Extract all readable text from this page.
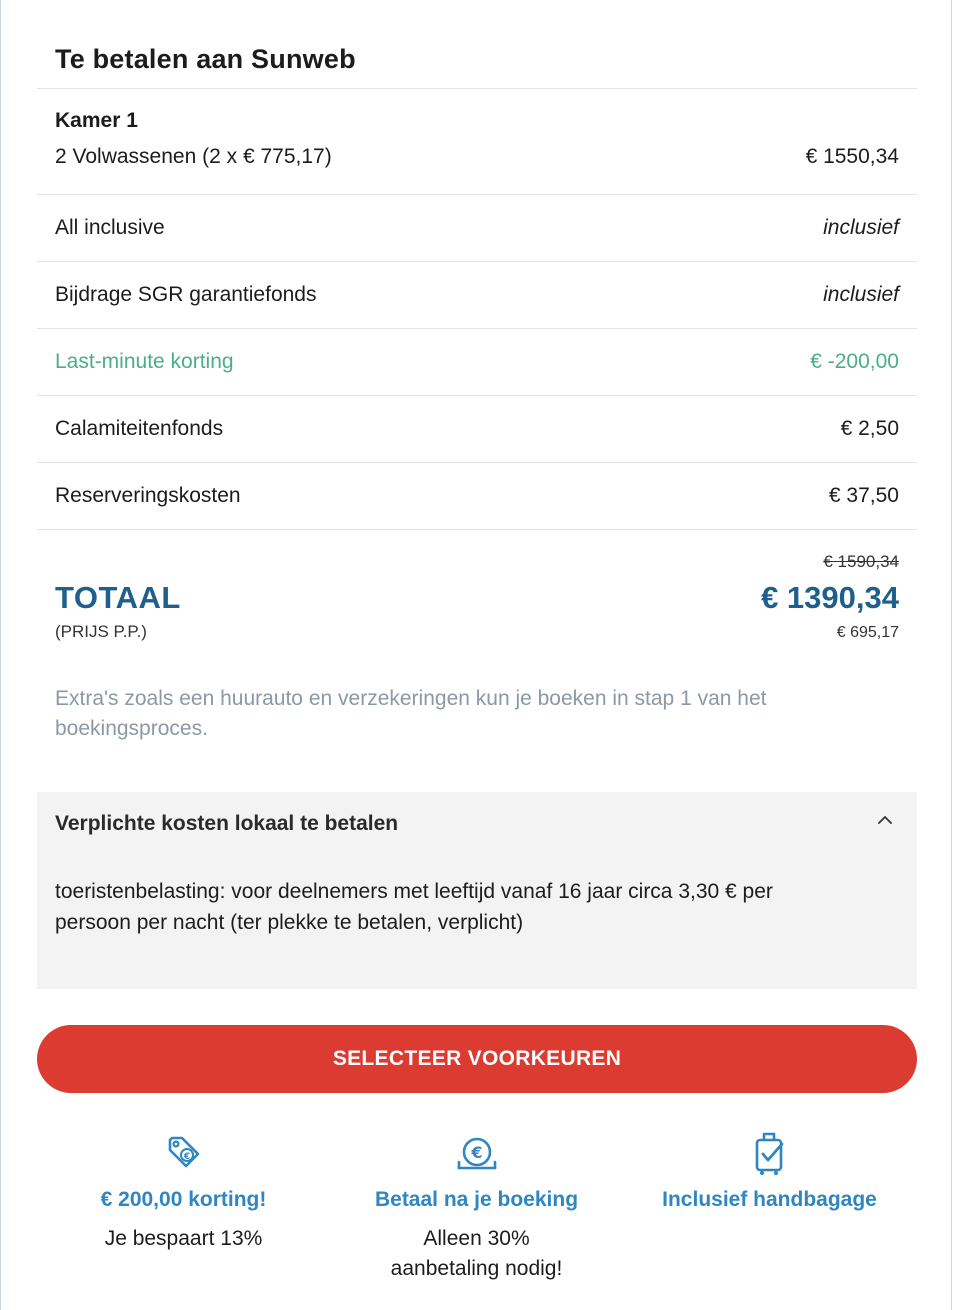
Te betalen aan Sunweb
Kamer 1
2 Volwassenen (2 x € 775,17)	€ 1550,34
All inclusive	inclusief
Bijdrage SGR garantiefonds	inclusief
Last-minute korting	€ -200,00
Calamiteitenfonds	€ 2,50
Reserveringskosten	€ 37,50
€ 1590,34
TOTAAL	€ 1390,34
(PRIJS P.P.)	€ 695,17
Extra's zoals een huurauto en verzekeringen kun je boeken in stap 1 van het boekingsproces.
Verplichte kosten lokaal te betalen
toeristenbelasting: voor deelnemers met leeftijd vanaf 16 jaar circa 3,30 € per persoon per nacht (ter plekke te betalen, verplicht)
SELECTEER VOORKEUREN
€
€ 200,00 korting!
Je bespaart 13%
€
Betaal na je boeking
Alleen 30% aanbetaling nodig!
Inclusief handbagage
